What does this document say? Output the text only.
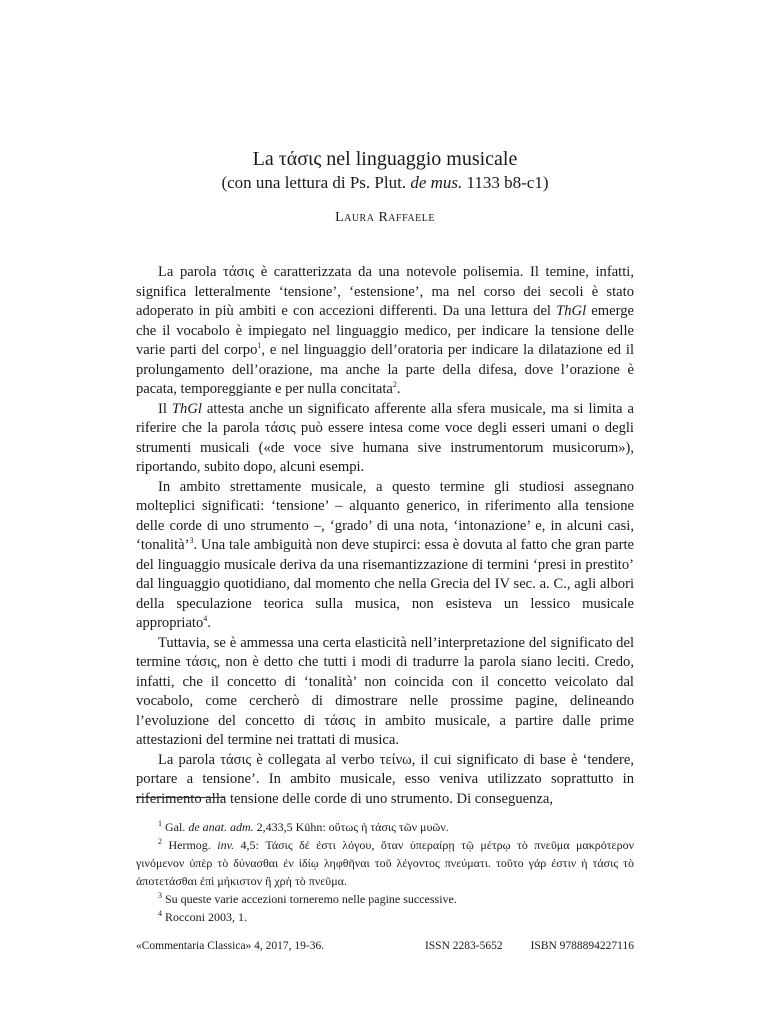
La τάσις nel linguaggio musicale
(con una lettura di Ps. Plut. de mus. 1133 b8-c1)
Laura Raffaele

La parola τάσις è caratterizzata da una notevole polisemia. Il temine, infatti, significa letteralmente ‘tensione’, ‘estensione’, ma nel corso dei secoli è stato adoperato in più ambiti e con accezioni differenti. Da una lettura del ThGl emerge che il vocabolo è impiegato nel linguaggio medico, per indicare la tensione delle varie parti del corpo$^1$, e nel linguaggio dell’oratoria per indicare la dilatazione ed il prolungamento dell’orazione, ma anche la parte della difesa, dove l’orazione è pacata, temporeggiante e per nulla concitata$^2$.

Il ThGl attesta anche un significato afferente alla sfera musicale, ma si limita a riferire che la parola τάσις può essere intesa come voce degli esseri umani o degli strumenti musicali («de voce sive humana sive instrumentorum musicorum»), riportando, subito dopo, alcuni esempi.

In ambito strettamente musicale, a questo termine gli studiosi assegnano molteplici significati: ‘tensione’ – alquanto generico, in riferimento alla tensione delle corde di uno strumento –, ‘grado’ di una nota, ‘intonazione’ e, in alcuni casi, ‘tonalità’$^3$. Una tale ambiguità non deve stupirci: essa è dovuta al fatto che gran parte del linguaggio musicale deriva da una risemantizzazione di termini ‘presi in prestito’ dal linguaggio quotidiano, dal momento che nella Grecia del IV sec. a. C., agli albori della speculazione teorica sulla musica, non esisteva un lessico musicale appropriato$^4$.

Tuttavia, se è ammessa una certa elasticità nell’interpretazione del significato del termine τάσις, non è detto che tutti i modi di tradurre la parola siano leciti. Credo, infatti, che il concetto di ‘tonalità’ non coincida con il concetto veicolato dal vocabolo, come cercherò di dimostrare nelle prossime pagine, delineando l’evoluzione del concetto di τάσις in ambito musicale, a partire dalle prime attestazioni del termine nei trattati di musica.

La parola τάσις è collegata al verbo τείνω, il cui significato di base è ‘tendere, portare a tensione’. In ambito musicale, esso veniva utilizzato soprattutto in riferimento alla tensione delle corde di uno strumento. Di conseguenza,

$^1$ Gal. de anat. adm. 2,433,5 Kühn: οὕτως ἡ τάσις τῶν μυῶν.

$^2$ Hermog. inv. 4,5: Τάσις δέ ἐστι λόγου, ὅταν ὑπεραίρῃ τῷ μέτρῳ τὸ πνεῦμα μακρότερον γινόμενον ὑπὲρ τὸ δύνασθαι ἐν ἰδίῳ ληφθῆναι τοῦ λέγοντος πνεύματι. τοῦτο γάρ ἐστιν ἡ τάσις τὸ ἀποτετάσθαι ἐπὶ μήκιστον ἢ χρὴ τὸ πνεῦμα.

$^3$ Su queste varie accezioni torneremo nelle pagine successive.

$^4$ Rocconi 2003, 1.

«Commentaria Classica» 4, 2017, 19-36.	ISSN 2283-5652 ISBN 9788894227116
